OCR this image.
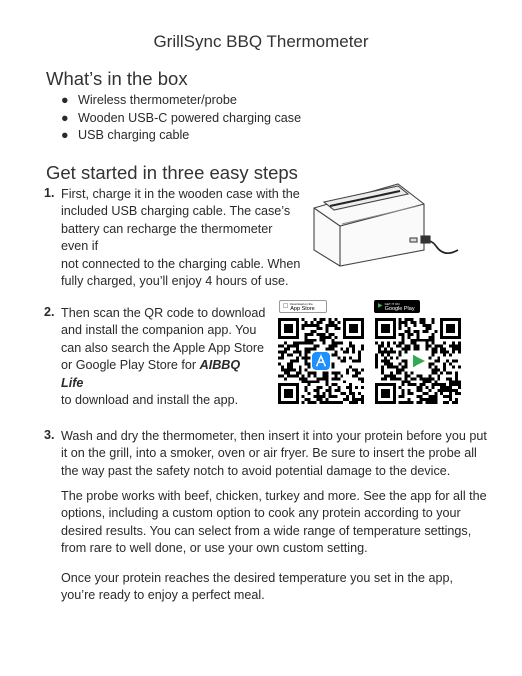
GrillSync BBQ Thermometer
What’s in the box
● Wireless thermometer/probe
● Wooden USB-C powered charging case
● USB charging cable
Get started in three easy steps
1. First, charge it in the wooden case with the
included USB charging cable. The case’s
battery can recharge the thermometer even if
not connected to the charging cable. When
fully charged, you’ll enjoy 4 hours of use.
2. Then scan the QR code to download
and install the companion app. You
can also search the Apple App Store
or Google Play Store for AIBBQ Life
to download and install the app.
Download on the
App Store	▶ GET IT ON
Google Play
3. Wash and dry the thermometer, then insert it into your protein before you put
it on the grill, into a smoker, oven or air fryer. Be sure to insert the probe all
the way past the safety notch to avoid potential damage to the device.
The probe works with beef, chicken, turkey and more. See the app for all the
options, including a custom option to cook any protein according to your
desired results. You can select from a wide range of temperature settings,
from rare to well done, or use your own custom setting.
Once your protein reaches the desired temperature you set in the app,
you’re ready to enjoy a perfect meal.
